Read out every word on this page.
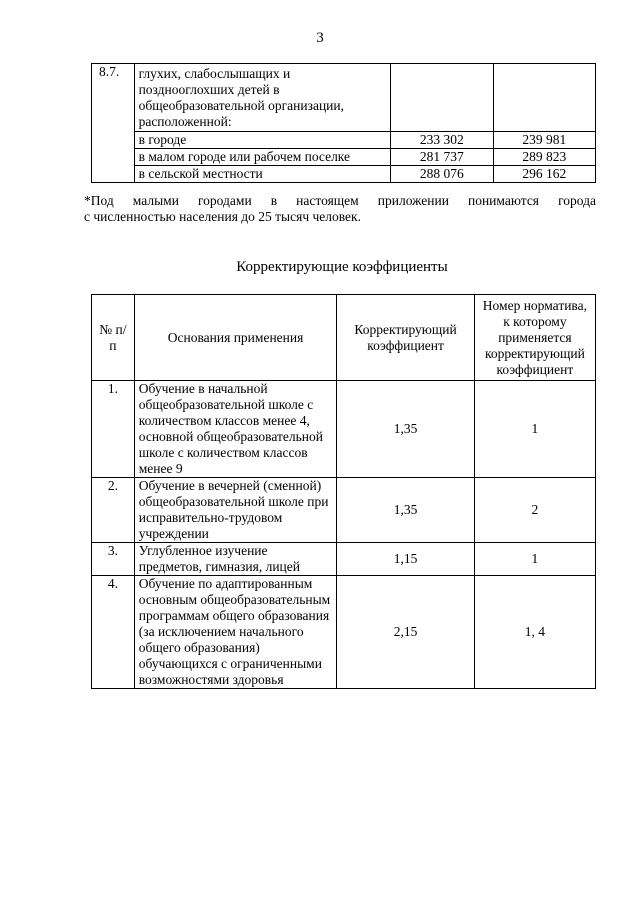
3
8.7.	глухих, слабослышащих и позднооглохших детей в общеобразовательной организации, расположенной:		
	в городе	233 302	239 981
	в малом городе или рабочем поселке	281 737	289 823
	в сельской местности	288 076	296 162
*Под малыми городами в настоящем приложении понимаются города
с численностью населения до 25 тысяч человек.
Корректирующие коэффициенты
№ п/п	Основания применения	Корректирующий коэффициент	Номер норматива, к которому применяется корректирующий коэффициент
1.	Обучение в начальной общеобразовательной школе с количеством классов менее 4, основной общеобразовательной школе с количеством классов менее 9	1,35	1
2.	Обучение в вечерней (сменной) общеобразовательной школе при исправительно-трудовом учреждении	1,35	2
3.	Углубленное изучение предметов, гимназия, лицей	1,15	1
4.	Обучение по адаптированным основным общеобразовательным программам общего образования (за исключением начального общего образования) обучающихся с ограниченными возможностями здоровья	2,15	1, 4
